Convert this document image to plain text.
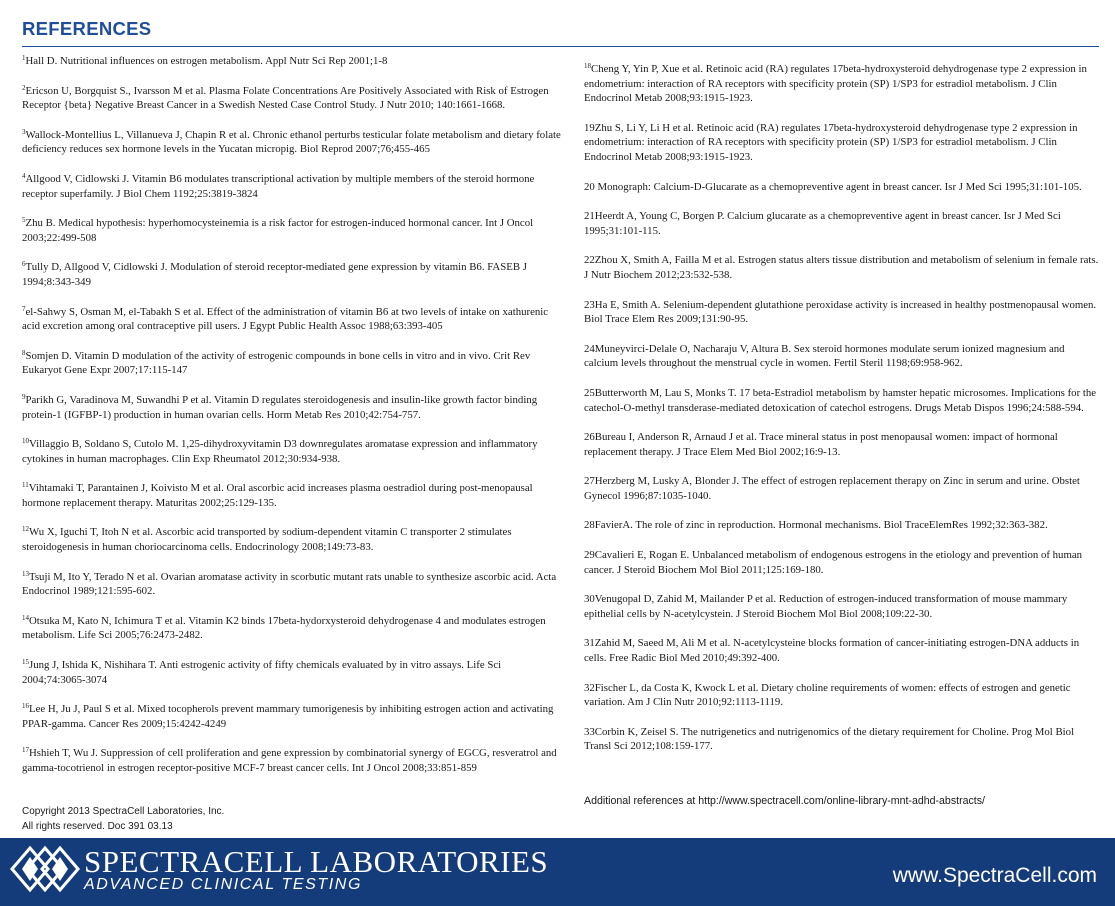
REFERENCES

$^1$Hall D. Nutritional influences on estrogen metabolism. Appl Nutr Sci Rep 2001;1-8

$^2$Ericson U, Borgquist S., Ivarsson M et al. Plasma Folate Concentrations Are Positively Associated with Risk of Estrogen Receptor {beta} Negative Breast Cancer in a Swedish Nested Case Control Study. J Nutr 2010; 140:1661-1668.

$^3$Wallock-Montellius L, Villanueva J, Chapin R et al. Chronic ethanol perturbs testicular folate metabolism and dietary folate deficiency reduces sex hormone levels in the Yucatan micropig. Biol Reprod 2007;76;455-465

$^4$Allgood V, Cidlowski J. Vitamin B6 modulates transcriptional activation by multiple members of the steroid hormone receptor superfamily. J Biol Chem 1192;25:3819-3824

$^5$Zhu B. Medical hypothesis: hyperhomocysteinemia is a risk factor for estrogen-induced hormonal cancer. Int J Oncol 2003;22:499-508

$^6$Tully D, Allgood V, Cidlowski J. Modulation of steroid receptor-mediated gene expression by vitamin B6. FASEB J 1994;8:343-349

$^7$el-Sahwy S, Osman M, el-Tabakh S et al. Effect of the administration of vitamin B6 at two levels of intake on xathurenic acid excretion among oral contraceptive pill users. J Egypt Public Health Assoc 1988;63:393-405

$^8$Somjen D. Vitamin D modulation of the activity of estrogenic compounds in bone cells in vitro and in vivo. Crit Rev Eukaryot Gene Expr 2007;17:115-147

$^9$Parikh G, Varadinova M, Suwandhi P et al. Vitamin D regulates steroidogenesis and insulin-like growth factor binding protein-1 (IGFBP-1) production in human ovarian cells. Horm Metab Res 2010;42:754-757.

$^{10}$Villaggio B, Soldano S, Cutolo M. 1,25-dihydroxyvitamin D3 downregulates aromatase expression and inflammatory cytokines in human macrophages. Clin Exp Rheumatol 2012;30:934-938.

$^{11}$Vihtamaki T, Parantainen J, Koivisto M et al. Oral ascorbic acid increases plasma oestradiol during post-menopausal hormone replacement therapy. Maturitas 2002;25:129-135.

$^{12}$Wu X, Iguchi T, Itoh N et al. Ascorbic acid transported by sodium-dependent vitamin C transporter 2 stimulates steroidogenesis in human choriocarcinoma cells. Endocrinology 2008;149:73-83.

$^{13}$Tsuji M, Ito Y, Terado N et al. Ovarian aromatase activity in scorbutic mutant rats unable to synthesize ascorbic acid. Acta Endocrinol 1989;121:595-602.

$^{14}$Otsuka M, Kato N, Ichimura T et al. Vitamin K2 binds 17beta-hydorxysteroid dehydrogenase 4 and modulates estrogen metabolism. Life Sci 2005;76:2473-2482.

$^{15}$Jung J, Ishida K, Nishihara T. Anti estrogenic activity of fifty chemicals evaluated by in vitro assays. Life Sci 2004;74:3065-3074

$^{16}$Lee H, Ju J, Paul S et al. Mixed tocopherols prevent mammary tumorigenesis by inhibiting estrogen action and activating PPAR-gamma. Cancer Res 2009;15:4242-4249

$^{17}$Hshieh T, Wu J. Suppression of cell proliferation and gene expression by combinatorial synergy of EGCG, resveratrol and gamma-tocotrienol in estrogen receptor-positive MCF-7 breast cancer cells. Int J Oncol 2008;33:851-859

$^{18}$Cheng Y, Yin P, Xue et al. Retinoic acid (RA) regulates 17beta-hydroxysteroid dehydrogenase type 2 expression in endometrium: interaction of RA receptors with specificity protein (SP) 1/SP3 for estradiol metabolism. J Clin Endocrinol Metab 2008;93:1915-1923.

19Zhu S, Li Y, Li H et al. Retinoic acid (RA) regulates 17beta-hydroxysteroid dehydrogenase type 2 expression in endometrium: interaction of RA receptors with specificity protein (SP) 1/SP3 for estradiol metabolism. J Clin Endocrinol Metab 2008;93:1915-1923.

20 Monograph: Calcium-D-Glucarate as a chemopreventive agent in breast cancer. Isr J Med Sci 1995;31:101-105.

21Heerdt A, Young C, Borgen P. Calcium glucarate as a chemopreventive agent in breast cancer. Isr J Med Sci 1995;31:101-115.

22Zhou X, Smith A, Failla M et al. Estrogen status alters tissue distribution and metabolism of selenium in female rats. J Nutr Biochem 2012;23:532-538.

23Ha E, Smith A. Selenium-dependent glutathione peroxidase activity is increased in healthy postmenopausal women. Biol Trace Elem Res 2009;131:90-95.

24Muneyvirci-Delale O, Nacharaju V, Altura B. Sex steroid hormones modulate serum ionized magnesium and calcium levels throughout the menstrual cycle in women. Fertil Steril 1198;69:958-962.

25Butterworth M, Lau S, Monks T. 17 beta-Estradiol metabolism by hamster hepatic microsomes. Implications for the catechol-O-methyl transderase-mediated detoxication of catechol estrogens. Drugs Metab Dispos 1996;24:588-594.

26Bureau I, Anderson R, Arnaud J et al. Trace mineral status in post menopausal women: impact of hormonal replacement therapy. J Trace Elem Med Biol 2002;16:9-13.

27Herzberg M, Lusky A, Blonder J. The effect of estrogen replacement therapy on Zinc in serum and urine. Obstet Gynecol 1996;87:1035-1040.

28FavierA. The role of zinc in reproduction. Hormonal mechanisms. Biol TraceElemRes 1992;32:363-382.

29Cavalieri E, Rogan E. Unbalanced metabolism of endogenous estrogens in the etiology and prevention of human cancer. J Steroid Biochem Mol Biol 2011;125:169-180.

30Venugopal D, Zahid M, Mailander P et al. Reduction of estrogen-induced transformation of mouse mammary epithelial cells by N-acetylcystein. J Steroid Biochem Mol Biol 2008;109:22-30.

31Zahid M, Saeed M, Ali M et al. N-acetylcysteine blocks formation of cancer-initiating estrogen-DNA adducts in cells. Free Radic Biol Med 2010;49:392-400.

32Fischer L, da Costa K, Kwock L et al. Dietary choline requirements of women: effects of estrogen and genetic variation. Am J Clin Nutr 2010;92:1113-1119.

33Corbin K, Zeisel S. The nutrigenetics and nutrigenomics of the dietary requirement for Choline. Prog Mol Biol Transl Sci 2012;108:159-177.

Copyright 2013 SpectraCell Laboratories, Inc.
All rights reserved. Doc 391 03.13
Additional references at http://www.spectracell.com/online-library-mnt-adhd-abstracts/
SPECTRACELL LABORATORIES
ADVANCED CLINICAL TESTING	www.SpectraCell.com
